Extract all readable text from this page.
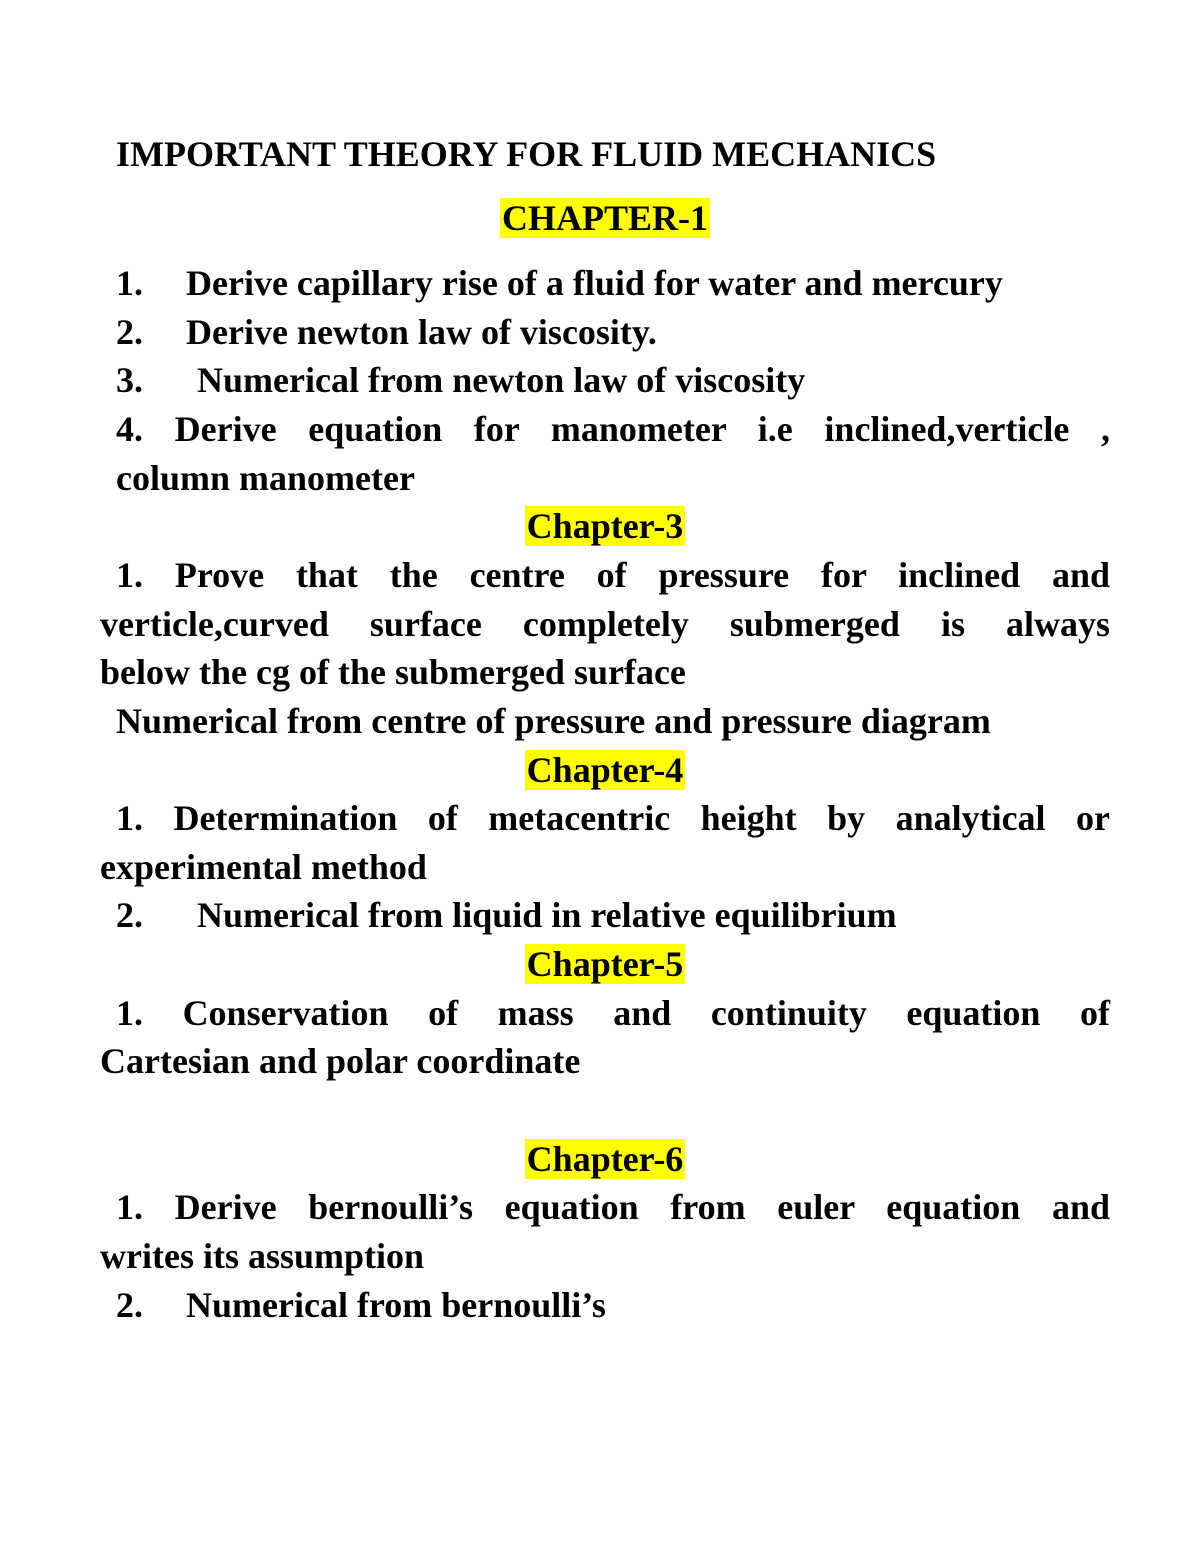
IMPORTANT THEORY FOR FLUID MECHANICS
CHAPTER-1
1. Derive capillary rise of a fluid for water and mercury
2. Derive newton law of viscosity.
3. Numerical from newton law of viscosity
4. Derive equation for manometer i.e inclined,verticle ,
column manometer
Chapter-3
1. Prove that the centre of pressure for inclined and
verticle,curved surface completely submerged is always
below the cg of the submerged surface
Numerical from centre of pressure and pressure diagram
Chapter-4
1. Determination of metacentric height by analytical or
experimental method
2. Numerical from liquid in relative equilibrium
Chapter-5
1. Conservation of mass and continuity equation of
Cartesian and polar coordinate
Chapter-6
1. Derive bernoulli’s equation from euler equation and
writes its assumption
2. Numerical from bernoulli’s
